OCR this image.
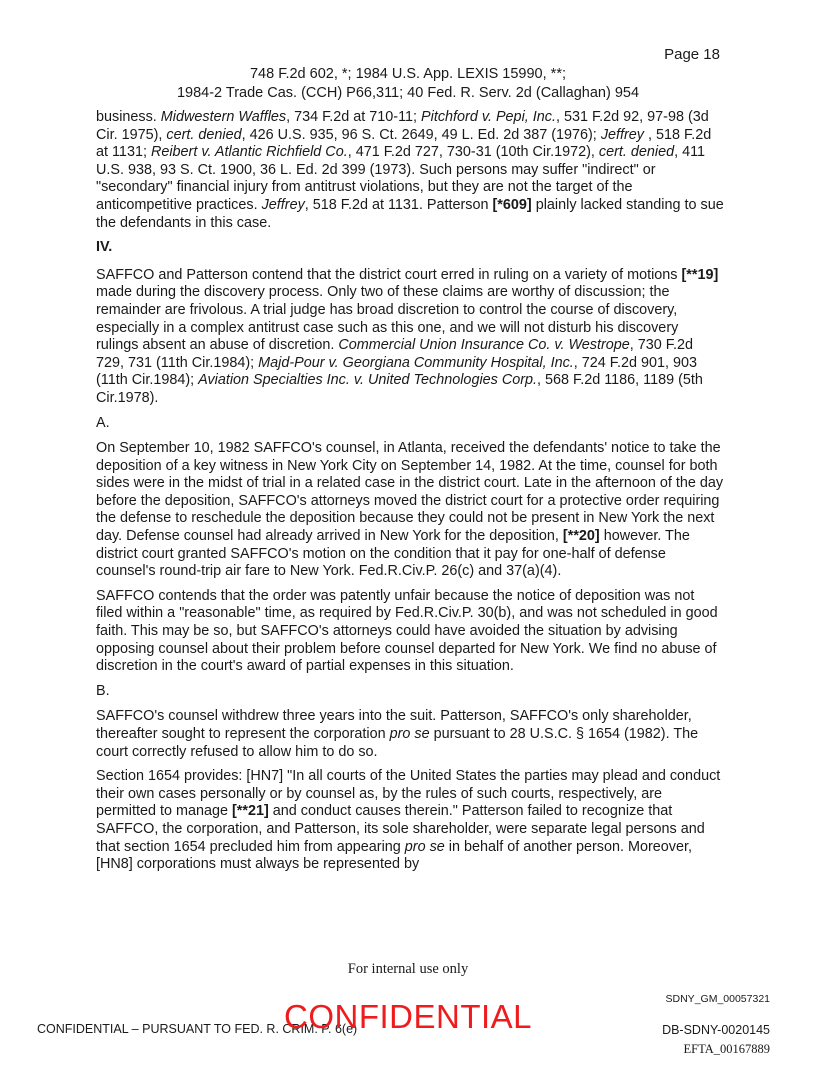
Page 18
748 F.2d 602, *; 1984 U.S. App. LEXIS 15990, **;
1984-2 Trade Cas. (CCH) P66,311; 40 Fed. R. Serv. 2d (Callaghan) 954

business. Midwestern Waffles, 734 F.2d at 710-11; Pitchford v. Pepi, Inc., 531 F.2d 92, 97-98 (3d Cir. 1975), cert. denied, 426 U.S. 935, 96 S. Ct. 2649, 49 L. Ed. 2d 387 (1976); Jeffrey , 518 F.2d at 1131; Reibert v. Atlantic Richfield Co., 471 F.2d 727, 730-31 (10th Cir.1972), cert. denied, 411 U.S. 938, 93 S. Ct. 1900, 36 L. Ed. 2d 399 (1973). Such persons may suffer "indirect" or "secondary" financial injury from antitrust violations, but they are not the target of the anticompetitive practices. Jeffrey, 518 F.2d at 1131. Patterson [*609] plainly lacked standing to sue the defendants in this case.

IV.

SAFFCO and Patterson contend that the district court erred in ruling on a variety of motions [**19] made during the discovery process. Only two of these claims are worthy of discussion; the remainder are frivolous. A trial judge has broad discretion to control the course of discovery, especially in a complex antitrust case such as this one, and we will not disturb his discovery rulings absent an abuse of discretion. Commercial Union Insurance Co. v. Westrope, 730 F.2d 729, 731 (11th Cir.1984); Majd-Pour v. Georgiana Community Hospital, Inc., 724 F.2d 901, 903 (11th Cir.1984); Aviation Specialties Inc. v. United Technologies Corp., 568 F.2d 1186, 1189 (5th Cir.1978).

A.

On September 10, 1982 SAFFCO's counsel, in Atlanta, received the defendants' notice to take the deposition of a key witness in New York City on September 14, 1982. At the time, counsel for both sides were in the midst of trial in a related case in the district court. Late in the afternoon of the day before the deposition, SAFFCO's attorneys moved the district court for a protective order requiring the defense to reschedule the deposition because they could not be present in New York the next day. Defense counsel had already arrived in New York for the deposition, [**20] however. The district court granted SAFFCO's motion on the condition that it pay for one-half of defense counsel's round-trip air fare to New York. Fed.R.Civ.P. 26(c) and 37(a)(4).

SAFFCO contends that the order was patently unfair because the notice of deposition was not filed within a "reasonable" time, as required by Fed.R.Civ.P. 30(b), and was not scheduled in good faith. This may be so, but SAFFCO's attorneys could have avoided the situation by advising opposing counsel about their problem before counsel departed for New York. We find no abuse of discretion in the court's award of partial expenses in this situation.

B.

SAFFCO's counsel withdrew three years into the suit. Patterson, SAFFCO's only shareholder, thereafter sought to represent the corporation pro se pursuant to 28 U.S.C. § 1654 (1982). The court correctly refused to allow him to do so.

Section 1654 provides: [HN7] "In all courts of the United States the parties may plead and conduct their own cases personally or by counsel as, by the rules of such courts, respectively, are permitted to manage [**21] and conduct causes therein." Patterson failed to recognize that SAFFCO, the corporation, and Patterson, its sole shareholder, were separate legal persons and that section 1654 precluded him from appearing pro se in behalf of another person. Moreover, [HN8] corporations must always be represented by

For internal use only
SDNY_GM_00057321
CONFIDENTIAL – PURSUANT TO FED. R. CRIM. P. 6(e)
CONFIDENTIAL	DB-SDNY-0020145
EFTA_00167889
